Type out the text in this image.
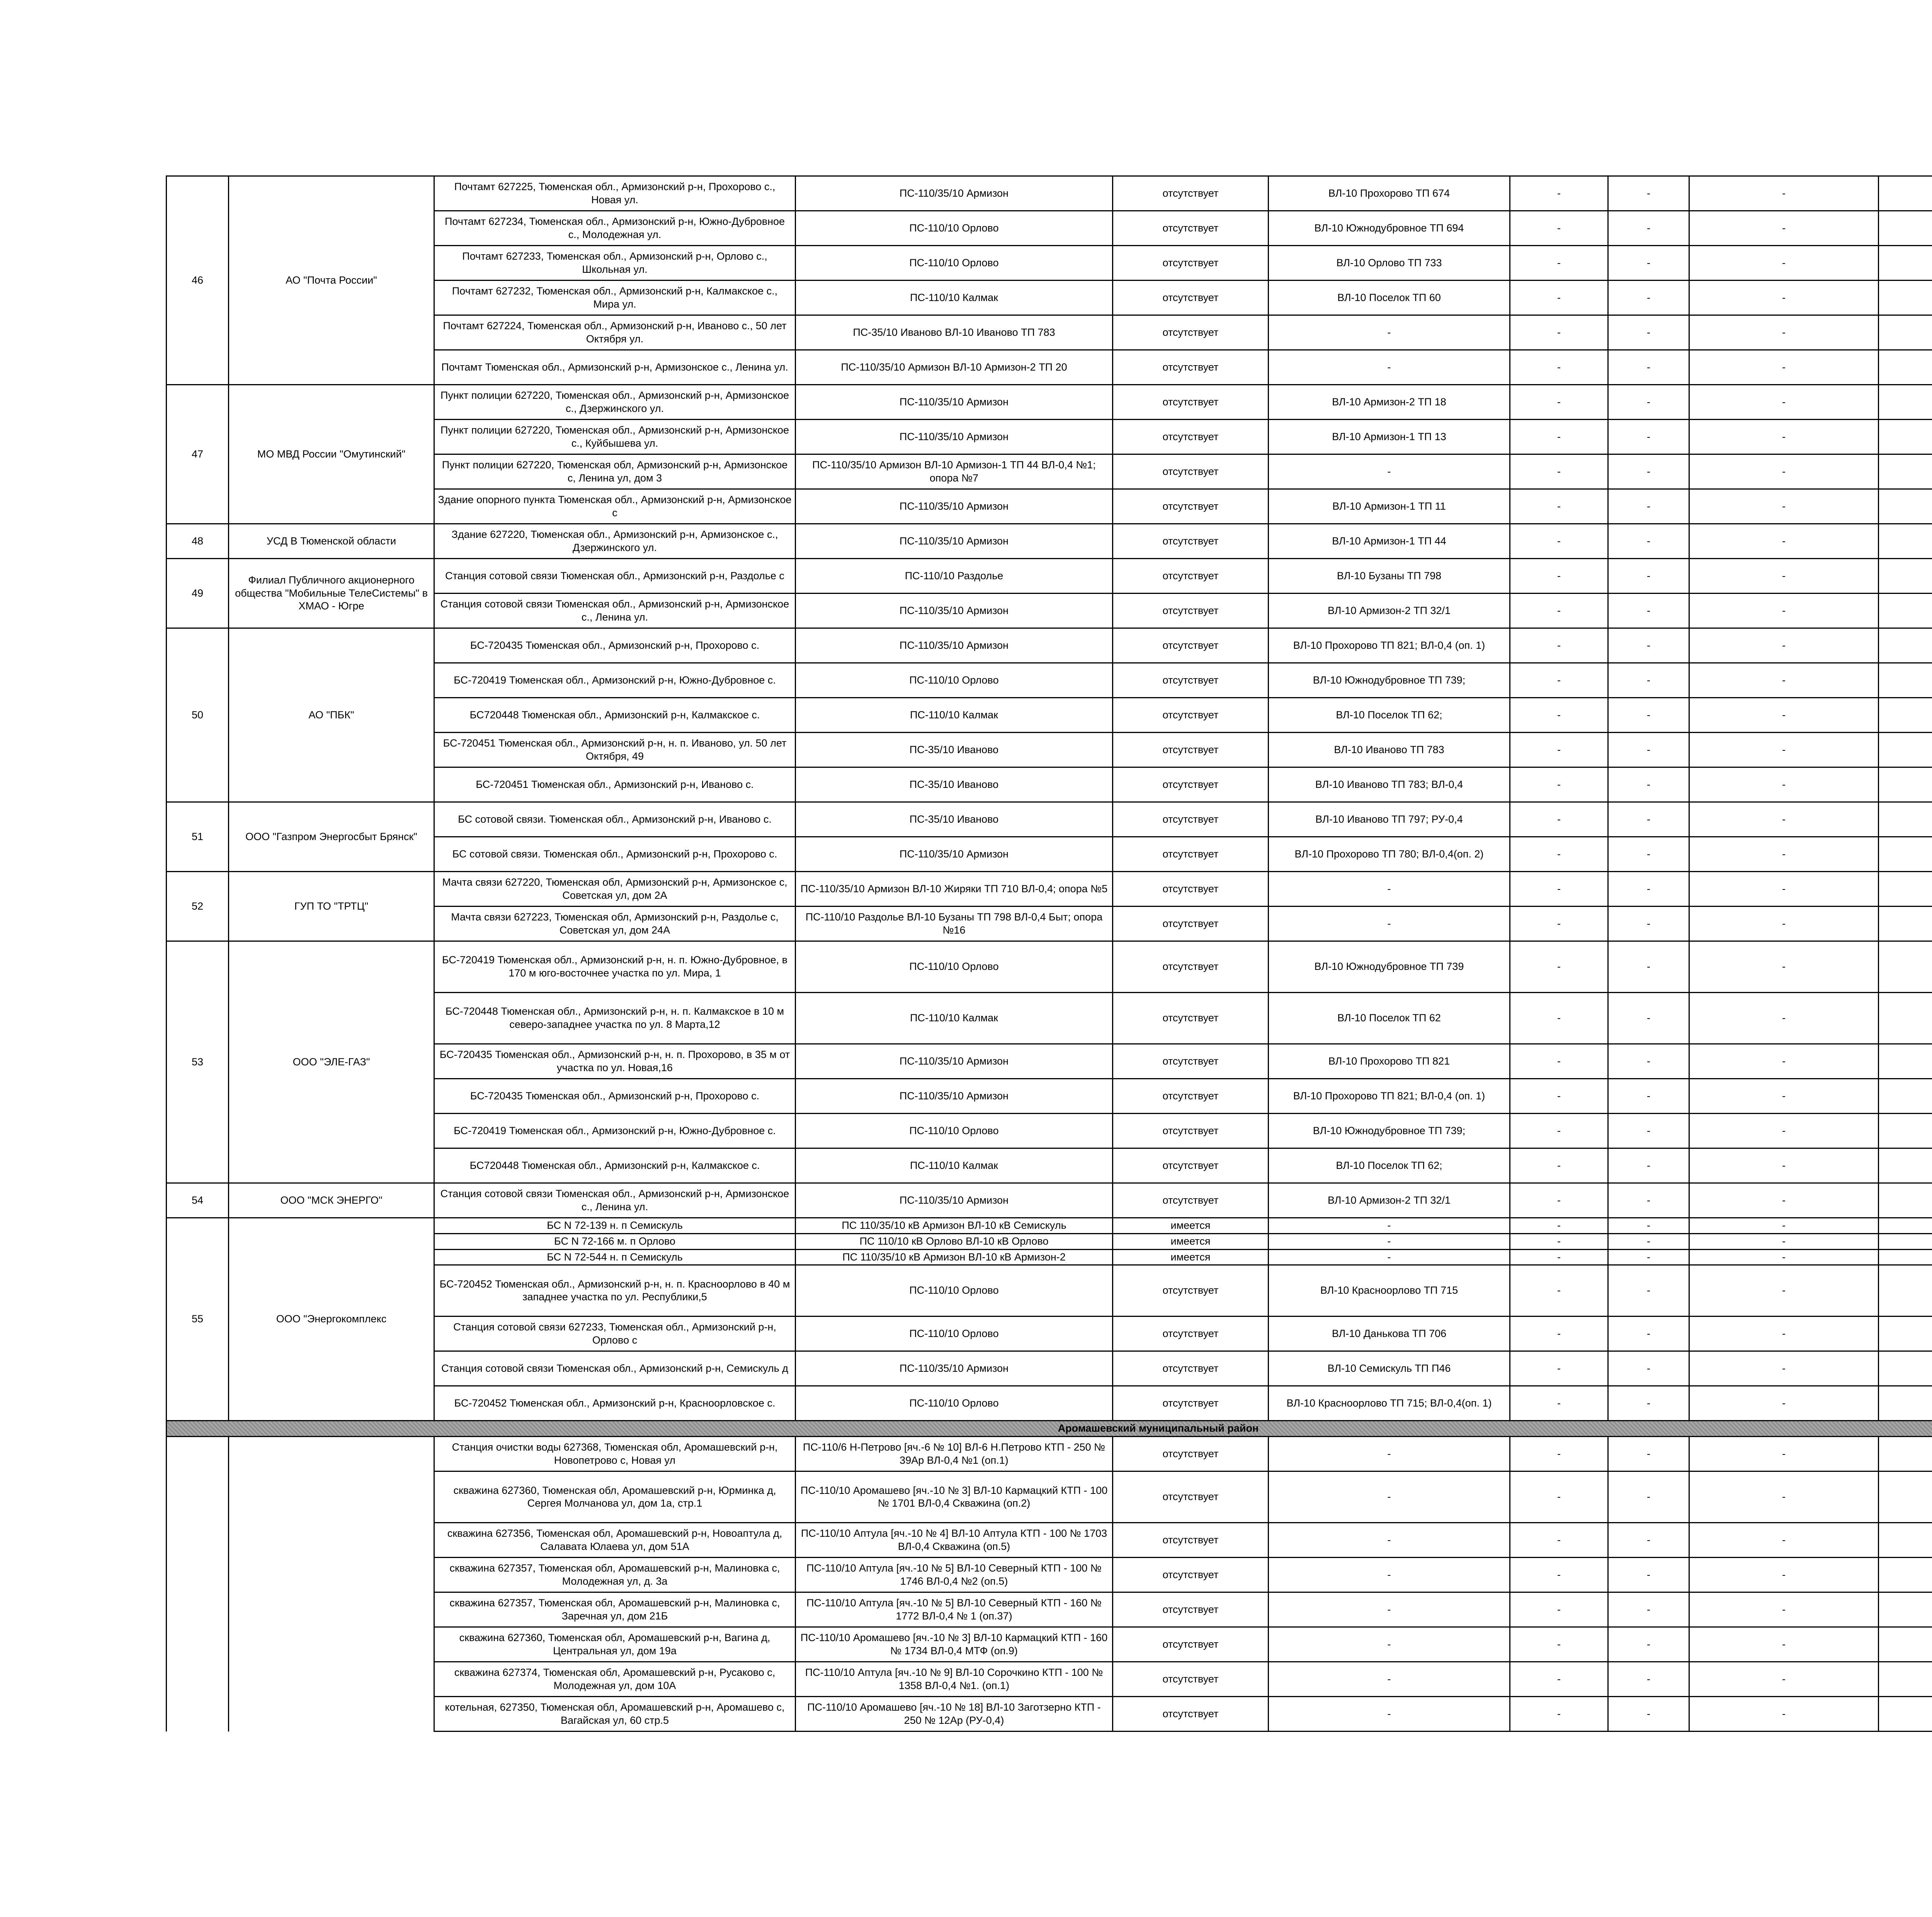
46	АО "Почта России"	Почтамт 627225, Тюменская обл., Армизонский р-н, Прохорово с., Новая ул.	ПС-110/35/10 Армизон	отсутствует	ВЛ-10 Прохорово ТП 674	-	-	-			
		Почтамт 627234, Тюменская обл., Армизонский р-н, Южно-Дубровное с., Молодежная ул.	ПС-110/10 Орлово	отсутствует	ВЛ-10 Южнодубровное ТП 694	-	-	-			
		Почтамт 627233, Тюменская обл., Армизонский р-н, Орлово с., Школьная ул.	ПС-110/10 Орлово	отсутствует	ВЛ-10 Орлово ТП 733	-	-	-			
		Почтамт 627232, Тюменская обл., Армизонский р-н, Калмакское с., Мира ул.	ПС-110/10 Калмак	отсутствует	ВЛ-10 Поселок ТП 60	-	-	-			
		Почтамт 627224, Тюменская обл., Армизонский р-н, Иваново с., 50 лет Октября ул.	ПС-35/10 Иваново ВЛ-10 Иваново ТП 783	отсутствует	-	-	-	-			
		Почтамт Тюменская обл., Армизонский р-н, Армизонское с., Ленина ул.	ПС-110/35/10 Армизон ВЛ-10 Армизон-2 ТП 20	отсутствует	-	-	-	-			
47	МО МВД России "Омутинский"	Пункт полиции 627220, Тюменская обл., Армизонский р-н, Армизонское с., Дзержинского ул.	ПС-110/35/10 Армизон	отсутствует	ВЛ-10 Армизон-2 ТП 18	-	-	-			
		Пункт полиции 627220, Тюменская обл., Армизонский р-н, Армизонское с., Куйбышева ул.	ПС-110/35/10 Армизон	отсутствует	ВЛ-10 Армизон-1 ТП 13	-	-	-			
		Пункт полиции 627220, Тюменская обл, Армизонский р-н, Армизонское с, Ленина ул, дом 3	ПС-110/35/10 Армизон ВЛ-10 Армизон-1 ТП 44 ВЛ-0,4 №1; опора №7	отсутствует	-	-	-	-			
		Здание опорного пункта Тюменская обл., Армизонский р-н, Армизонское с	ПС-110/35/10 Армизон	отсутствует	ВЛ-10 Армизон-1 ТП 11	-	-	-			
48	УСД В Тюменской области	Здание 627220, Тюменская обл., Армизонский р-н, Армизонское с., Дзержинского ул.	ПС-110/35/10 Армизон	отсутствует	ВЛ-10 Армизон-1 ТП 44	-	-	-			
49	Филиал Публичного акционерного общества "Мобильные ТелеСистемы" в ХМАО - Югре	Станция сотовой связи Тюменская обл., Армизонский р-н, Раздолье с	ПС-110/10 Раздолье	отсутствует	ВЛ-10 Бузаны ТП 798	-	-	-			
		Станция сотовой связи Тюменская обл., Армизонский р-н, Армизонское с., Ленина ул.	ПС-110/35/10 Армизон	отсутствует	ВЛ-10 Армизон-2 ТП 32/1	-	-	-			
50	АО "ПБК"	БС-720435 Тюменская обл., Армизонский р-н, Прохорово с.	ПС-110/35/10 Армизон	отсутствует	ВЛ-10 Прохорово ТП 821; ВЛ-0,4 (оп. 1)	-	-	-			
		БС-720419 Тюменская обл., Армизонский р-н, Южно-Дубровное с.	ПС-110/10 Орлово	отсутствует	ВЛ-10 Южнодубровное ТП 739;	-	-	-			
		БС720448 Тюменская обл., Армизонский р-н, Калмакское с.	ПС-110/10 Калмак	отсутствует	ВЛ-10 Поселок ТП 62;	-	-	-			
		БС-720451 Тюменская обл., Армизонский р-н, н. п. Иваново, ул. 50 лет Октября, 49	ПС-35/10 Иваново	отсутствует	ВЛ-10 Иваново ТП 783	-	-	-			
		БС-720451 Тюменская обл., Армизонский р-н, Иваново с.	ПС-35/10 Иваново	отсутствует	ВЛ-10 Иваново ТП 783; ВЛ-0,4	-	-	-			
51	ООО "Газпром Энергосбыт Брянск"	БС сотовой связи. Тюменская обл., Армизонский р-н, Иваново с.	ПС-35/10 Иваново	отсутствует	ВЛ-10 Иваново ТП 797; РУ-0,4	-	-	-			
		БС сотовой связи. Тюменская обл., Армизонский р-н, Прохорово с.	ПС-110/35/10 Армизон	отсутствует	ВЛ-10 Прохорово ТП 780; ВЛ-0,4(оп. 2)	-	-	-			
52	ГУП ТО "ТРТЦ"	Мачта связи 627220, Тюменская обл, Армизонский р-н, Армизонское с, Советская ул, дом 2А	ПС-110/35/10 Армизон ВЛ-10 Жиряки ТП 710 ВЛ-0,4; опора №5	отсутствует	-	-	-	-			
		Мачта связи 627223, Тюменская обл, Армизонский р-н, Раздолье с, Советская ул, дом 24А	ПС-110/10 Раздолье ВЛ-10 Бузаны ТП 798 ВЛ-0,4 Быт; опора №16	отсутствует	-	-	-	-			
53	ООО "ЭЛЕ-ГАЗ"	БС-720419 Тюменская обл., Армизонский р-н, н. п. Южно-Дубровное, в 170 м юго-восточнее участка по ул. Мира, 1	ПС-110/10 Орлово	отсутствует	ВЛ-10 Южнодубровное ТП 739	-	-	-			
		БС-720448 Тюменская обл., Армизонский р-н, н. п. Калмакское в 10 м северо-западнее участка по ул. 8 Марта,12	ПС-110/10 Калмак	отсутствует	ВЛ-10 Поселок ТП 62	-	-	-			
		БС-720435 Тюменская обл., Армизонский р-н, н. п. Прохорово, в 35 м от участка по ул. Новая,16	ПС-110/35/10 Армизон	отсутствует	ВЛ-10 Прохорово ТП 821	-	-	-			
		БС-720435 Тюменская обл., Армизонский р-н, Прохорово с.	ПС-110/35/10 Армизон	отсутствует	ВЛ-10 Прохорово ТП 821; ВЛ-0,4 (оп. 1)	-	-	-			
		БС-720419 Тюменская обл., Армизонский р-н, Южно-Дубровное с.	ПС-110/10 Орлово	отсутствует	ВЛ-10 Южнодубровное ТП 739;	-	-	-			
		БС720448 Тюменская обл., Армизонский р-н, Калмакское с.	ПС-110/10 Калмак	отсутствует	ВЛ-10 Поселок ТП 62;	-	-	-			
54	ООО "МСК ЭНЕРГО"	Станция сотовой связи Тюменская обл., Армизонский р-н, Армизонское с., Ленина ул.	ПС-110/35/10 Армизон	отсутствует	ВЛ-10 Армизон-2 ТП 32/1	-	-	-			
55	ООО "Энергокомплекс	БС N 72-139 н. п Семискуль	ПС 110/35/10 кВ Армизон ВЛ-10 кВ Семискуль	имеется	-	-	-	-			
		БС N 72-166 м. п Орлово	ПС 110/10 кВ Орлово ВЛ-10 кВ Орлово	имеется	-	-	-	-			
		БС N 72-544 н. п Семискуль	ПС 110/35/10 кВ Армизон ВЛ-10 кВ Армизон-2	имеется	-	-	-	-			
		БС-720452 Тюменская обл., Армизонский р-н, н. п. Красноорлово в 40 м западнее участка по ул. Республики,5	ПС-110/10 Орлово	отсутствует	ВЛ-10 Красноорлово ТП 715	-	-	-			
		Станция сотовой связи 627233, Тюменская обл., Армизонский р-н, Орлово с	ПС-110/10 Орлово	отсутствует	ВЛ-10 Данькова ТП 706	-	-	-			
		Станция сотовой связи Тюменская обл., Армизонский р-н, Семискуль д	ПС-110/35/10 Армизон	отсутствует	ВЛ-10 Семискуль ТП П46	-	-	-			
		БС-720452 Тюменская обл., Армизонский р-н, Красноорловское с.	ПС-110/10 Орлово	отсутствует	ВЛ-10 Красноорлово ТП 715; ВЛ-0,4(оп. 1)	-	-	-			
Аромашевский муниципальный район											
		Станция очистки воды 627368, Тюменская обл, Аромашевский р-н, Новопетрово с, Новая ул	ПС-110/6 Н-Петрово [яч.-6 № 10] ВЛ-6 Н.Петрово КТП - 250 № 39Ар ВЛ-0,4 №1 (оп.1)	отсутствует	-	-	-	-			
		скважина 627360, Тюменская обл, Аромашевский р-н, Юрминка д, Сергея Молчанова ул, дом 1а, стр.1	ПС-110/10 Аромашево [яч.-10 № 3] ВЛ-10 Кармацкий КТП - 100 № 1701 ВЛ-0,4 Скважина (оп.2)	отсутствует	-	-	-	-			
		скважина 627356, Тюменская обл, Аромашевский р-н, Новоаптула д, Салавата Юлаева ул, дом 51А	ПС-110/10 Аптула [яч.-10 № 4] ВЛ-10 Аптула КТП - 100 № 1703 ВЛ-0,4 Скважина (оп.5)	отсутствует	-	-	-	-			
		скважина 627357, Тюменская обл, Аромашевский р-н, Малиновка с, Молодежная ул, д. 3а	ПС-110/10 Аптула [яч.-10 № 5] ВЛ-10 Северный КТП - 100 № 1746 ВЛ-0,4 №2 (оп.5)	отсутствует	-	-	-	-			
		скважина 627357, Тюменская обл, Аромашевский р-н, Малиновка с, Заречная ул, дом 21Б	ПС-110/10 Аптула [яч.-10 № 5] ВЛ-10 Северный КТП - 160 № 1772 ВЛ-0,4 № 1 (оп.37)	отсутствует	-	-	-	-			
		скважина 627360, Тюменская обл, Аромашевский р-н, Вагина д, Центральная ул, дом 19а	ПС-110/10 Аромашево [яч.-10 № 3] ВЛ-10 Кармацкий КТП - 160 № 1734 ВЛ-0,4 МТФ (оп.9)	отсутствует	-	-	-	-			
		скважина 627374, Тюменская обл, Аромашевский р-н, Русаково с, Молодежная ул, дом 10А	ПС-110/10 Аптула [яч.-10 № 9] ВЛ-10 Сорочкино КТП - 100 № 1358 ВЛ-0,4 №1. (оп.1)	отсутствует	-	-	-	-			
		котельная, 627350, Тюменская обл, Аромашевский р-н, Аромашево с, Вагайская ул, 60 стр.5	ПС-110/10 Аромашево [яч.-10 № 18] ВЛ-10 Заготзерно КТП - 250 № 12Ар (РУ-0,4)	отсутствует	-	-	-	-			
